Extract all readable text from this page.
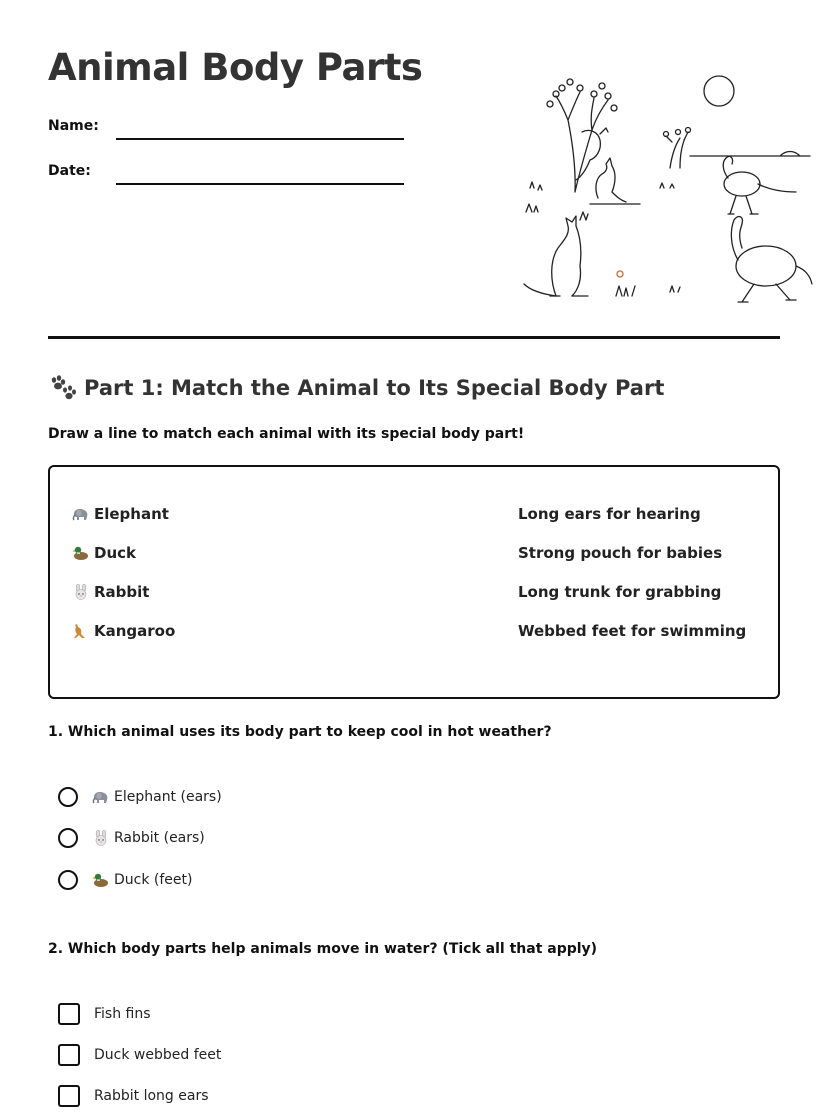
Animal Body Parts
Name:
Date:
Part 1: Match the Animal to Its Special Body Part
Draw a line to match each animal with its special body part!
Elephant
Duck
Rabbit
Kangaroo
Long ears for hearing
Strong pouch for babies
Long trunk for grabbing
Webbed feet for swimming
1. Which animal uses its body part to keep cool in hot weather?
Elephant (ears)
Rabbit (ears)
Duck (feet)
2. Which body parts help animals move in water? (Tick all that apply)
Fish fins
Duck webbed feet
Rabbit long ears
